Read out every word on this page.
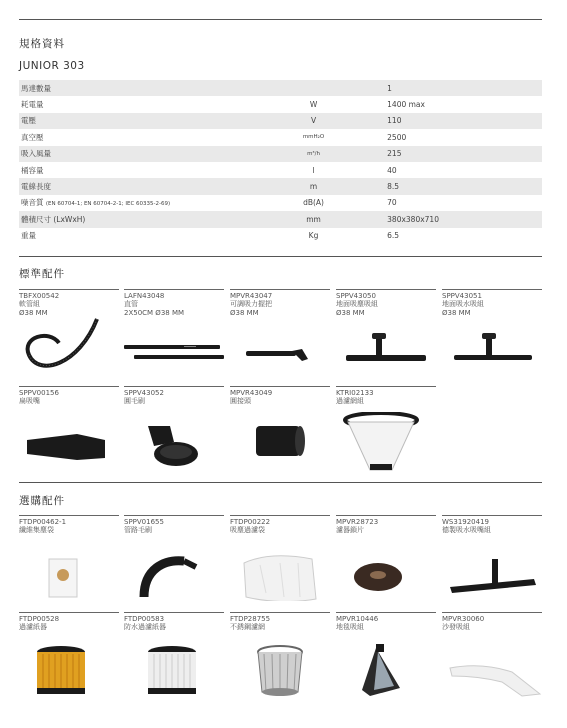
規格資料
JUNIOR 303
馬達數量		1
耗電量	W	1400 max
電壓	V	110
真空壓	mmH₂O	2500
吸入風量	m³/h	215
桶容量	l	40
電線長度	m	8.5
噪音質 (EN 60704-1; EN 60704-2-1; IEC 60335-2-69)	dB(A)	70
體積尺寸 (LxWxH)	mm	380x380x710
重量	Kg	6.5
標準配件
TBFX00542
軟管組
Ø38 MM
LAFN43048
直管
2X50CM Ø38 MM
MPVR43047
可調吸力握把
Ø38 MM
SPPV43050
地面吸塵吸組
Ø38 MM
SPPV43051
地面吸水吸組
Ø38 MM
SPPV00156
扁吸嘴
SPPV43052
圓毛刷
MPVR43049
圓接頭
KTRI02133
過濾網組
選購配件
FTDP00462-1
纖維集塵袋
SPPV01655
管路毛刷
FTDP00222
吸塵過濾袋
MPVR28723
濾器鎖片
WS31920419
德製吸水吸嘴組
FTDP00528
過濾紙器
FTDP00583
防水過濾紙器
FTDP28755
不銹鋼濾網
MPVR10446
地毯吸組
MPVR30060
沙發吸組
